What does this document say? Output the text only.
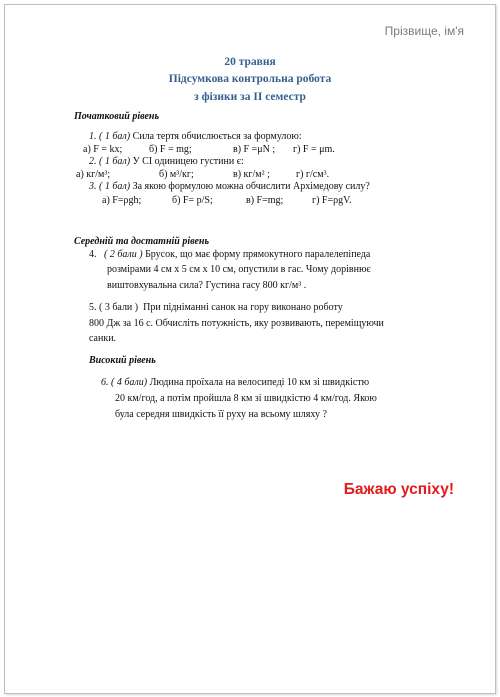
Прізвище, ім'я
20 травня
Підсумкова контрольна робота
з фізики за ІІ семестр
Початковий рівень
1. ( 1 бал) Сила тертя обчислюється за формулою:
а) F = kx;	б) F = mg;	в) F =μN ; г) F = μm.
2. ( 1 бал) У СІ одиницею густини є:
а) кг/м³;	б) м³/кг;	в) кг/м² ;	г) г/см³.
3. ( 1 бал) За якою формулою можна обчислити Архімедову силу?
а) F=ρgh;	б) F= p/S;	в) F=mg;	г) F=ρgV.
Середній та достатній рівень
4. ( 2 бали ) Брусок, що має форму прямокутного паралелепіпеда
розмірами 4 см х 5 см х 10 см, опустили в гас. Чому дорівнює
виштовхувальна сила? Густина гасу 800 кг/м³ .
5. ( 3 бали ) При підніманні санок на гору виконано роботу
800 Дж за 16 с. Обчисліть потужність, яку розвивають, переміщуючи
санки.
Високий рівень
6. ( 4 бали) Людина проїхала на велосипеді 10 км зі швидкістю
20 км/год, а потім пройшла 8 км зі швидкістю 4 км/год. Якою
була середня швидкість її руху на всьому шляху ?
Бажаю успіху!
